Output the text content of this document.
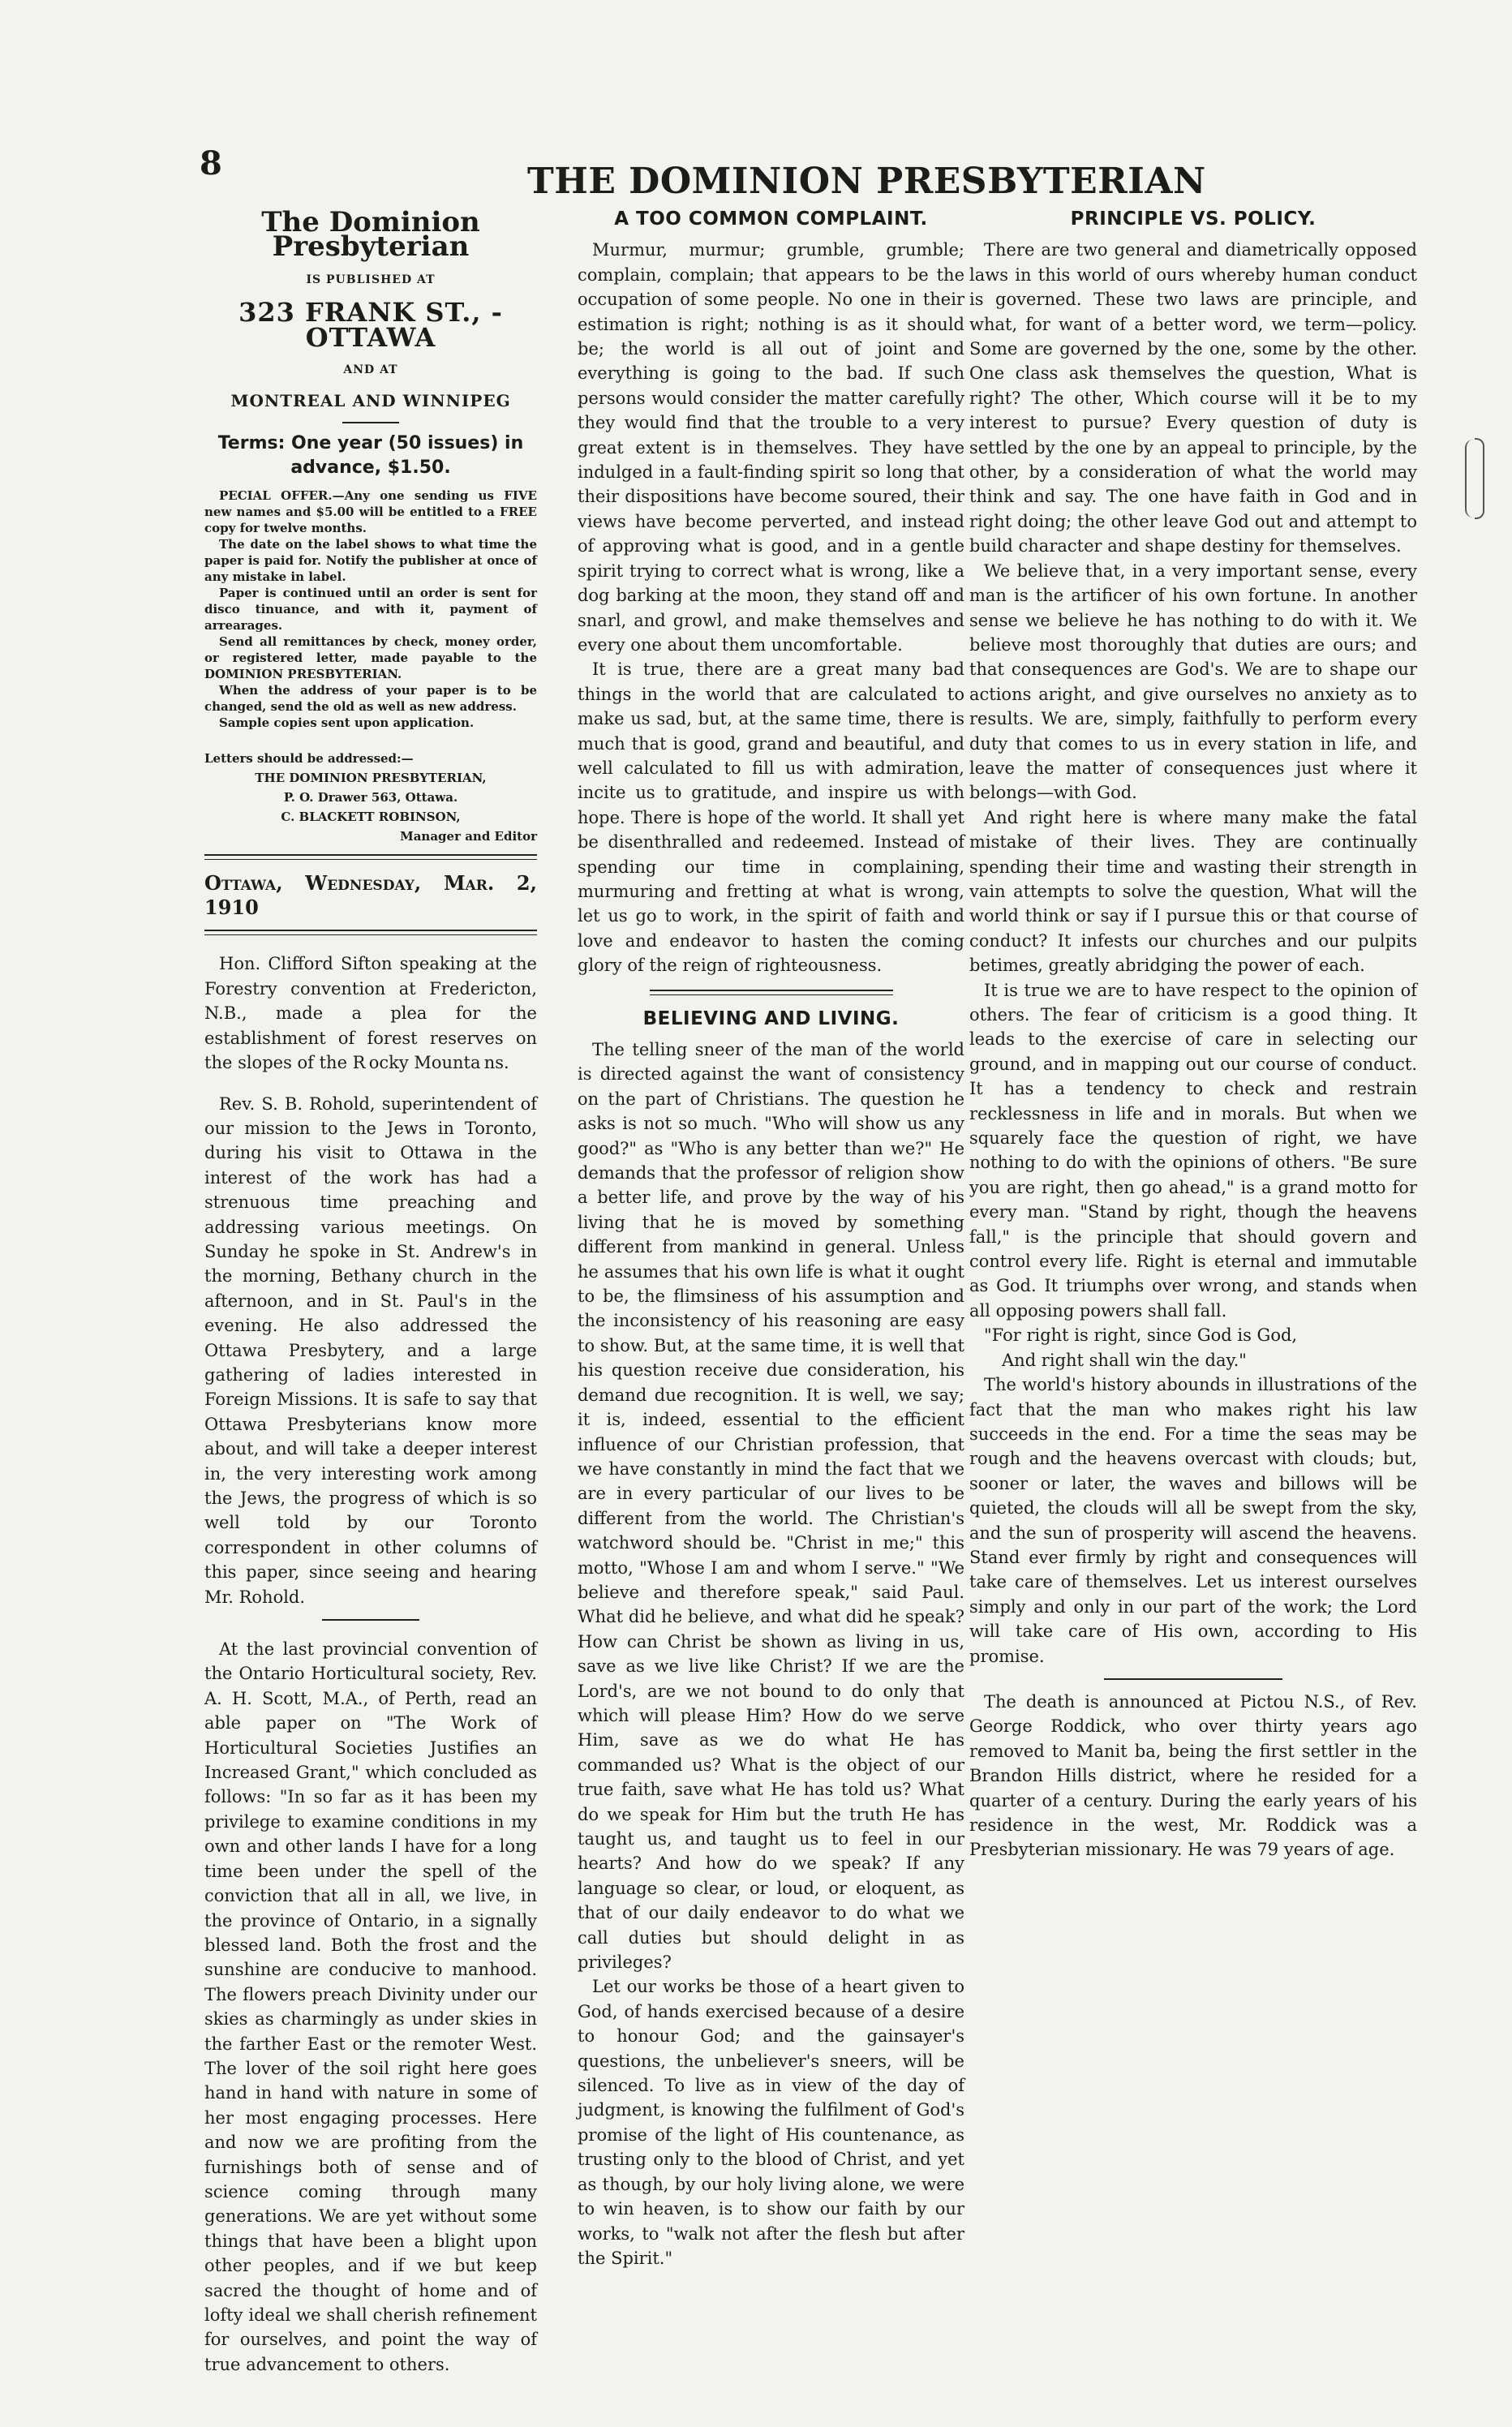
8	THE DOMINION PRESBYTERIAN
The Dominion Presbyterian
IS PUBLISHED AT
323 FRANK ST., - OTTAWA
AND AT
MONTREAL AND WINNIPEG
Terms: One year (50 issues) in advance, $1.50.

PECIAL OFFER.—Any one sending us FIVE new names and $5.00 will be entitled to a FREE copy for twelve months.

The date on the label shows to what time the paper is paid for. Notify the publisher at once of any mistake in label.

Paper is continued until an order is sent for disco tinuance, and with it, payment of arrearages.

Send all remittances by check, money order, or registered letter, made payable to the DOMINION PRESBYTERIAN.

When the address of your paper is to be changed, send the old as well as new address.

Sample copies sent upon application.

Letters should be addressed:—
THE DOMINION PRESBYTERIAN,
P. O. Drawer 563, Ottawa.
C. BLACKETT ROBINSON,
Manager and Editor
Ottawa, Wednesday, Mar. 2, 1910

Hon. Clifford Sifton speaking at the Forestry convention at Fredericton, N.B., made a plea for the establishment of forest reserves on the slopes of the R ocky Mounta ns.

Rev. S. B. Rohold, superintendent of our mission to the Jews in Toronto, during his visit to Ottawa in the interest of the work has had a strenuous time preaching and addressing various meetings. On Sunday he spoke in St. Andrew's in the morning, Bethany church in the afternoon, and in St. Paul's in the evening. He also addressed the Ottawa Presbytery, and a large gathering of ladies interested in Foreign Missions. It is safe to say that Ottawa Presbyterians know more about, and will take a deeper interest in, the very interesting work among the Jews, the progress of which is so well told by our Toronto correspondent in other columns of this paper, since seeing and hearing Mr. Rohold.

At the last provincial convention of the Ontario Horticultural society, Rev. A. H. Scott, M.A., of Perth, read an able paper on "The Work of Horticultural Societies Justifies an Increased Grant," which concluded as follows: "In so far as it has been my privilege to examine conditions in my own and other lands I have for a long time been under the spell of the conviction that all in all, we live, in the province of Ontario, in a signally blessed land. Both the frost and the sunshine are conducive to manhood. The flowers preach Divinity under our skies as charmingly as under skies in the farther East or the remoter West. The lover of the soil right here goes hand in hand with nature in some of her most engaging processes. Here and now we are profiting from the furnishings both of sense and of science coming through many generations. We are yet without some things that have been a blight upon other peoples, and if we but keep sacred the thought of home and of lofty ideal we shall cherish refinement for ourselves, and point the way of true advancement to others.

A TOO COMMON COMPLAINT.

Murmur, murmur; grumble, grumble; complain, complain; that appears to be the occupation of some people. No one in their estimation is right; nothing is as it should be; the world is all out of joint and everything is going to the bad. If such persons would consider the matter carefully they would find that the trouble to a very great extent is in themselves. They have indulged in a fault-finding spirit so long that their dispositions have become soured, their views have become perverted, and instead of approving what is good, and in a gentle spirit trying to correct what is wrong, like a dog barking at the moon, they stand off and snarl, and growl, and make themselves and every one about them uncomfortable.

It is true, there are a great many bad things in the world that are calculated to make us sad, but, at the same time, there is much that is good, grand and beautiful, and well calculated to fill us with admiration, incite us to gratitude, and inspire us with hope. There is hope of the world. It shall yet be disenthralled and redeemed. Instead of spending our time in complaining, murmuring and fretting at what is wrong, let us go to work, in the spirit of faith and love and endeavor to hasten the coming glory of the reign of righteousness.

BELIEVING AND LIVING.

The telling sneer of the man of the world is directed against the want of consistency on the part of Christians. The question he asks is not so much. "Who will show us any good?" as "Who is any better than we?" He demands that the professor of religion show a better life, and prove by the way of his living that he is moved by something different from mankind in general. Unless he assumes that his own life is what it ought to be, the flimsiness of his assumption and the inconsistency of his reasoning are easy to show. But, at the same time, it is well that his question receive due consideration, his demand due recognition. It is well, we say; it is, indeed, essential to the efficient influence of our Christian profession, that we have constantly in mind the fact that we are in every particular of our lives to be different from the world. The Christian's watchword should be. "Christ in me;" this motto, "Whose I am and whom I serve." "We believe and therefore speak," said Paul. What did he believe, and what did he speak? How can Christ be shown as living in us, save as we live like Christ? If we are the Lord's, are we not bound to do only that which will please Him? How do we serve Him, save as we do what He has commanded us? What is the object of our true faith, save what He has told us? What do we speak for Him but the truth He has taught us, and taught us to feel in our hearts? And how do we speak? If any language so clear, or loud, or eloquent, as that of our daily endeavor to do what we call duties but should delight in as privileges?

Let our works be those of a heart given to God, of hands exercised because of a desire to honour God; and the gainsayer's questions, the unbeliever's sneers, will be silenced. To live as in view of the day of judgment, is knowing the fulfilment of God's promise of the light of His countenance, as trusting only to the blood of Christ, and yet as though, by our holy living alone, we were to win heaven, is to show our faith by our works, to "walk not after the flesh but after the Spirit."

PRINCIPLE VS. POLICY.

There are two general and diametrically opposed laws in this world of ours whereby human conduct is governed. These two laws are principle, and what, for want of a better word, we term—policy. Some are governed by the one, some by the other. One class ask themselves the question, What is right? The other, Which course will it be to my interest to pursue? Every question of duty is settled by the one by an appeal to principle, by the other, by a consideration of what the world may think and say. The one have faith in God and in right doing; the other leave God out and attempt to build character and shape destiny for themselves.

We believe that, in a very important sense, every man is the artificer of his own fortune. In another sense we believe he has nothing to do with it. We believe most thoroughly that duties are ours; and that consequences are God's. We are to shape our actions aright, and give ourselves no anxiety as to results. We are, simply, faithfully to perform every duty that comes to us in every station in life, and leave the matter of consequences just where it belongs—with God.

And right here is where many make the fatal mistake of their lives. They are continually spending their time and wasting their strength in vain attempts to solve the question, What will the world think or say if I pursue this or that course of conduct? It infests our churches and our pulpits betimes, greatly abridging the power of each.

It is true we are to have respect to the opinion of others. The fear of criticism is a good thing. It leads to the exercise of care in selecting our ground, and in mapping out our course of conduct. It has a tendency to check and restrain recklessness in life and in morals. But when we squarely face the question of right, we have nothing to do with the opinions of others. "Be sure you are right, then go ahead," is a grand motto for every man. "Stand by right, though the heavens fall," is the principle that should govern and control every life. Right is eternal and immutable as God. It triumphs over wrong, and stands when all opposing powers shall fall.

"For right is right, since God is God,

And right shall win the day."

The world's history abounds in illustrations of the fact that the man who makes right his law succeeds in the end. For a time the seas may be rough and the heavens overcast with clouds; but, sooner or later, the waves and billows will be quieted, the clouds will all be swept from the sky, and the sun of prosperity will ascend the heavens. Stand ever firmly by right and consequences will take care of themselves. Let us interest ourselves simply and only in our part of the work; the Lord will take care of His own, according to His promise.

The death is announced at Pictou N.S., of Rev. George Roddick, who over thirty years ago removed to Manit ba, being the first settler in the Brandon Hills district, where he resided for a quarter of a century. During the early years of his residence in the west, Mr. Roddick was a Presbyterian missionary. He was 79 years of age.
